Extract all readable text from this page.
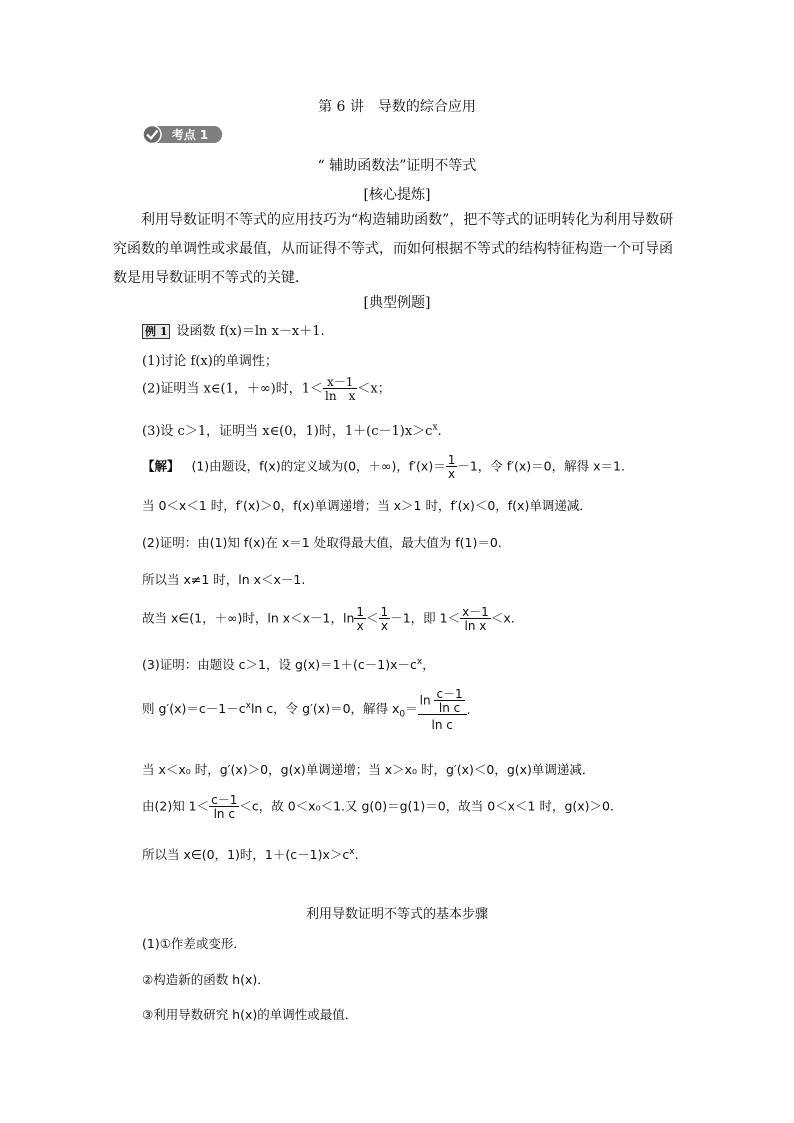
第 6 讲　导数的综合应用
考点 1
“ 辅助函数法”证明不等式
[核心提炼]
利用导数证明不等式的应用技巧为“构造辅助函数”，把不等式的证明转化为利用导数研究函数的单调性或求最值，从而证得不等式，而如何根据不等式的结构特征构造一个可导函数是用导数证明不等式的关键．
[典型例题]
例 1 设函数 f(x)＝ln x－x＋1.
(1)讨论 f(x)的单调性；
(2)证明当 x∈(1，＋∞)时，$1< \frac{x-1}{\text{ln　x}} <x$；
(3)设 c＞1，证明当 x∈(0，1)时，$1+(c-1)x>c^x$.
【解】 (1)由题设，f(x)的定义域为(0，＋∞)，$f'(x)= \frac{1}{x} -1$，令 f′(x)＝0，解得 x＝1.
当 0＜x＜1 时，f′(x)＞0，f(x)单调递增；当 x＞1 时，f′(x)＜0，f(x)单调递减．
(2)证明：由(1)知 f(x)在 x＝1 处取得最大值，最大值为 f(1)＝0.
所以当 x≠1 时，ln x＜x－1.
故当 x∈(1，＋∞)时，ln x＜x－1，$\ln \frac{1}{x} < \frac{1}{x} -1$，即 $1< \frac{x-1}{\text{ln x}} <x$.
(3)证明：由题设 c＞1，设 $g(x)=1+(c-1)x-c^x$，
则 $g'(x)=c-1-c^x\ln$ c，令 g′(x)＝0，解得 $x_0= \frac{\ln \frac{c-1}{\text{ln c}}}{\text{ln c}}$ .
当 x＜x₀ 时，g′(x)＞0，g(x)单调递增；当 x＞x₀ 时，g′(x)＜0，g(x)单调递减．
由(2)知 $1< \frac{c-1}{\text{ln c}} <c$，故 0＜x₀＜1.又 g(0)＝g(1)＝0，故当 0＜x＜1 时，g(x)＞0.
所以当 x∈(0，1)时，$1+(c-1)x>c^x$.
利用导数证明不等式的基本步骤
(1)①作差或变形．
②构造新的函数 h(x)．
③利用导数研究 h(x)的单调性或最值．
